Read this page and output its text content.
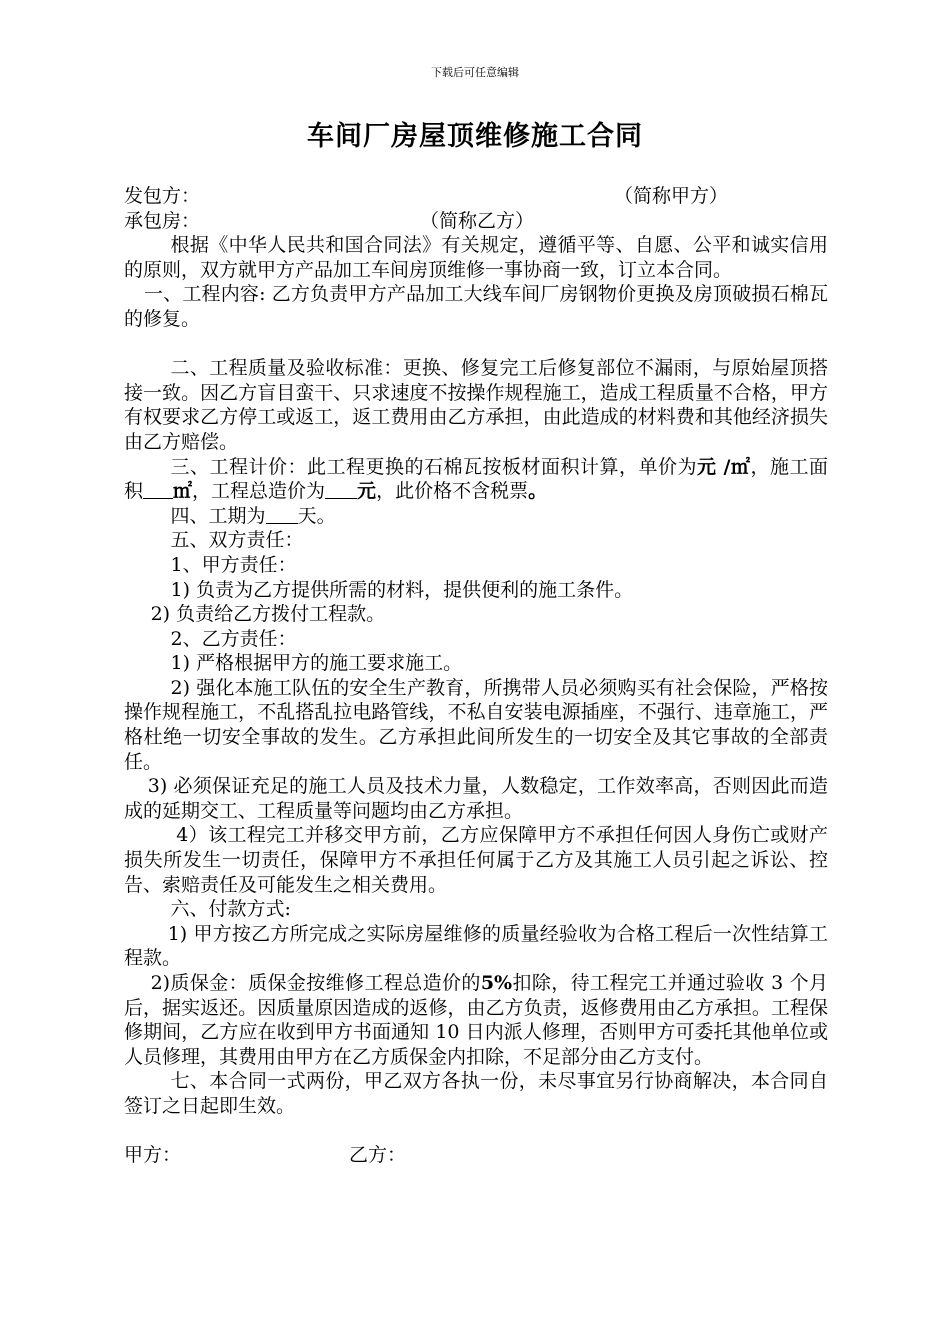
下载后可任意编辑
车间厂房屋顶维修施工合同
发包方：	（简称甲方）
承包房：	（简称乙方）

根据《中华人民共和国合同法》有关规定，遵循平等、自愿、公平和诚实信用的原则，双方就甲方产品加工车间房顶维修一事协商一致，订立本合同。

一、工程内容: 乙方负责甲方产品加工大线车间厂房钢物价更换及房顶破损石棉瓦的修复。

二、工程质量及验收标准：更换、修复完工后修复部位不漏雨，与原始屋顶搭接一致。因乙方盲目蛮干、只求速度不按操作规程施工，造成工程质量不合格，甲方有权要求乙方停工或返工，返工费用由乙方承担，由此造成的材料费和其他经济损失由乙方赔偿。

三、工程计价：此工程更换的石棉瓦按板材面积计算，单价为元 /㎡，施工面积 ㎡，工程总造价为 元，此价格不含税票。

四、工期为 天。

五、双方责任：

1、甲方责任：

1) 负责为乙方提供所需的材料，提供便利的施工条件。

2) 负责给乙方拨付工程款。

2、乙方责任：

1) 严格根据甲方的施工要求施工。

2) 强化本施工队伍的安全生产教育，所携带人员必须购买有社会保险，严格按操作规程施工，不乱搭乱拉电路管线，不私自安装电源插座，不强行、违章施工，严格杜绝一切安全事故的发生。乙方承担此间所发生的一切安全及其它事故的全部责任。

3) 必须保证充足的施工人员及技术力量，人数稳定，工作效率高，否则因此而造成的延期交工、工程质量等问题均由乙方承担。

4）该工程完工并移交甲方前，乙方应保障甲方不承担任何因人身伤亡或财产损失所发生一切责任，保障甲方不承担任何属于乙方及其施工人员引起之诉讼、控告、索赔责任及可能发生之相关费用。

六、付款方式:

1) 甲方按乙方所完成之实际房屋维修的质量经验收为合格工程后一次性结算工程款。

2)质保金：质保金按维修工程总造价的5%扣除，待工程完工并通过验收 3 个月后，据实返还。因质量原因造成的返修，由乙方负责，返修费用由乙方承担。工程保修期间，乙方应在收到甲方书面通知 10 日内派人修理，否则甲方可委托其他单位或人员修理，其费用由甲方在乙方质保金内扣除，不足部分由乙方支付。

七、本合同一式两份，甲乙双方各执一份，未尽事宜另行协商解决，本合同自签订之日起即生效。

甲方：	乙方：
